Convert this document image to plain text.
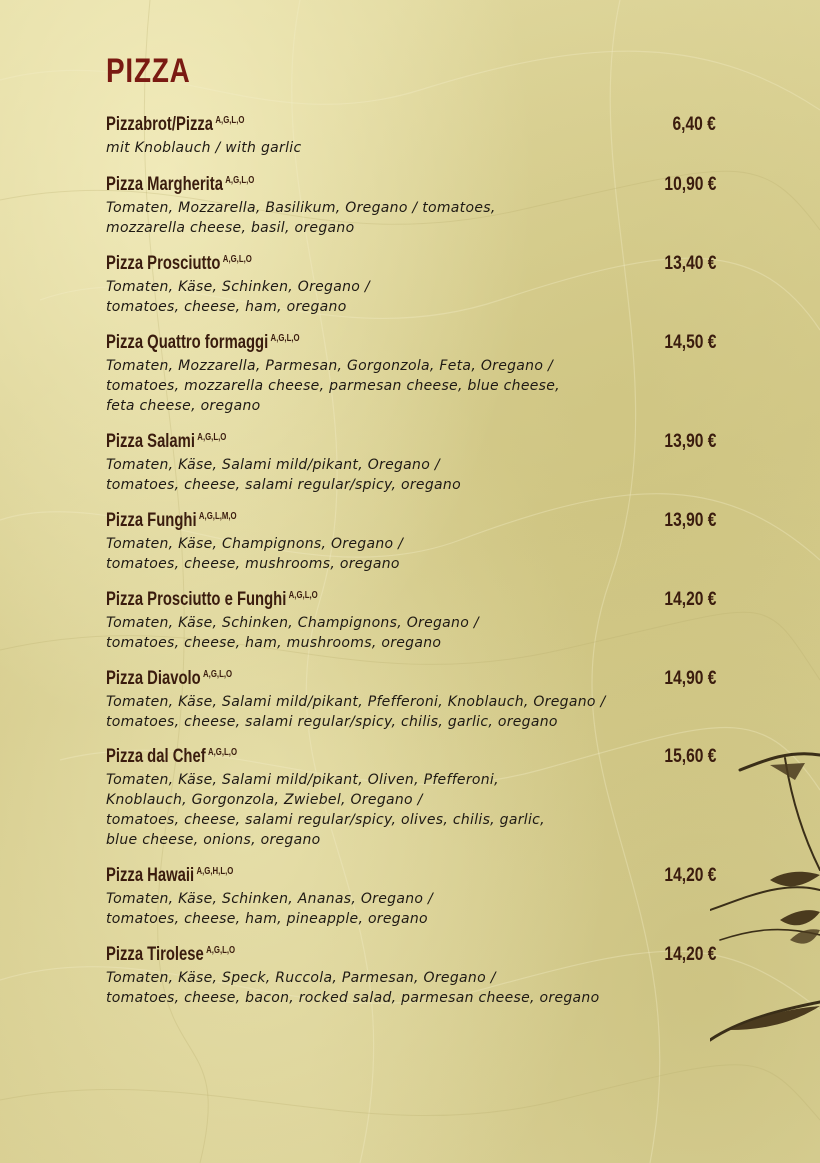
PIZZA
Pizzabrot/Pizza $^{A,G,L,O}$	6,40 €
mit Knoblauch / with garlic
Pizza Margherita $^{A,G,L,O}$	10,90 €
Tomaten, Mozzarella, Basilikum, Oregano / tomatoes,
mozzarella cheese, basil, oregano
Pizza Prosciutto $^{A,G,L,O}$	13,40 €
Tomaten, Käse, Schinken, Oregano /
tomatoes, cheese, ham, oregano
Pizza Quattro formaggi $^{A,G,L,O}$	14,50 €
Tomaten, Mozzarella, Parmesan, Gorgonzola, Feta, Oregano /
tomatoes, mozzarella cheese, parmesan cheese, blue cheese,
feta cheese, oregano
Pizza Salami $^{A,G,L,O}$	13,90 €
Tomaten, Käse, Salami mild/pikant, Oregano /
tomatoes, cheese, salami regular/spicy, oregano
Pizza Funghi $^{A,G,L,M,O}$	13,90 €
Tomaten, Käse, Champignons, Oregano /
tomatoes, cheese, mushrooms, oregano
Pizza Prosciutto e Funghi $^{A,G,L,O}$	14,20 €
Tomaten, Käse, Schinken, Champignons, Oregano /
tomatoes, cheese, ham, mushrooms, oregano
Pizza Diavolo $^{A,G,L,O}$	14,90 €
Tomaten, Käse, Salami mild/pikant, Pfefferoni, Knoblauch, Oregano /
tomatoes, cheese, salami regular/spicy, chilis, garlic, oregano
Pizza dal Chef $^{A,G,L,O}$	15,60 €
Tomaten, Käse, Salami mild/pikant, Oliven, Pfefferoni,
Knoblauch, Gorgonzola, Zwiebel, Oregano /
tomatoes, cheese, salami regular/spicy, olives, chilis, garlic,
blue cheese, onions, oregano
Pizza Hawaii $^{A,G,H,L,O}$	14,20 €
Tomaten, Käse, Schinken, Ananas, Oregano /
tomatoes, cheese, ham, pineapple, oregano
Pizza Tirolese $^{A,G,L,O}$	14,20 €
Tomaten, Käse, Speck, Ruccola, Parmesan, Oregano /
tomatoes, cheese, bacon, rocked salad, parmesan cheese, oregano
